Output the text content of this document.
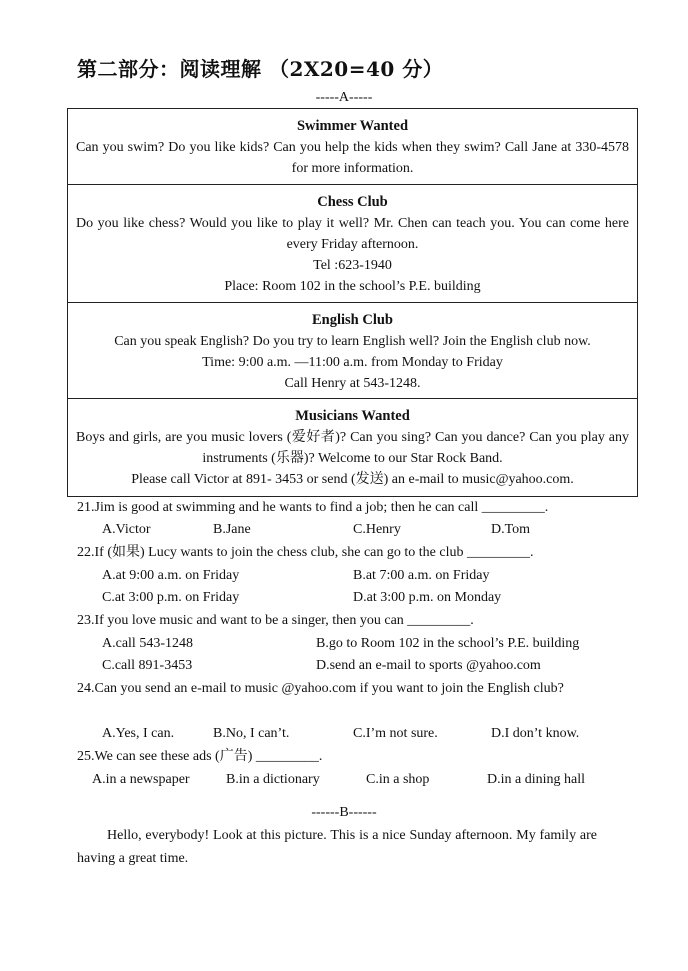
第二部分：阅读理解 （2X20=40 分）
-----A-----
Swimmer Wanted
Can you swim? Do you like kids? Can you help the kids when they swim? Call Jane at 330-4578 for more information.
Chess Club
Do you like chess? Would you like to play it well? Mr. Chen can teach you. You can come here every Friday afternoon.
Tel :623-1940
Place: Room 102 in the school’s P.E. building
English Club
Can you speak English? Do you try to learn English well? Join the English club now.
Time: 9:00 a.m. —11:00 a.m. from Monday to Friday
Call Henry at 543-1248.
Musicians Wanted
Boys and girls, are you music lovers (爱好者)? Can you sing? Can you dance? Can you play any instruments (乐器)? Welcome to our Star Rock Band.
Please call Victor at 891- 3453 or send (发送) an e-mail to music@yahoo.com.
21.Jim is good at swimming and he wants to find a job; then he can call _________.
A.Victor	B.Jane	C.Henry	D.Tom
22.If (如果) Lucy wants to join the chess club, she can go to the club _________.
A.at 9:00 a.m. on Friday	B.at 7:00 a.m. on Friday
C.at 3:00 p.m. on Friday	D.at 3:00 p.m. on Monday
23.If you love music and want to be a singer, then you can _________.
A.call 543-1248	B.go to Room 102 in the school’s P.E. building
C.call 891-3453	D.send an e-mail to sports @yahoo.com
24.Can you send an e-mail to music @yahoo.com if you want to join the English club?
A.Yes, I can.	B.No, I can’t.	C.I’m not sure.	D.I don’t know.
25.We can see these ads (广告) _________.
A.in a newspaper	B.in a dictionary	C.in a shop	D.in a dining hall
------B------
Hello, everybody! Look at this picture. This is a nice Sunday afternoon. My family are having a great time.
